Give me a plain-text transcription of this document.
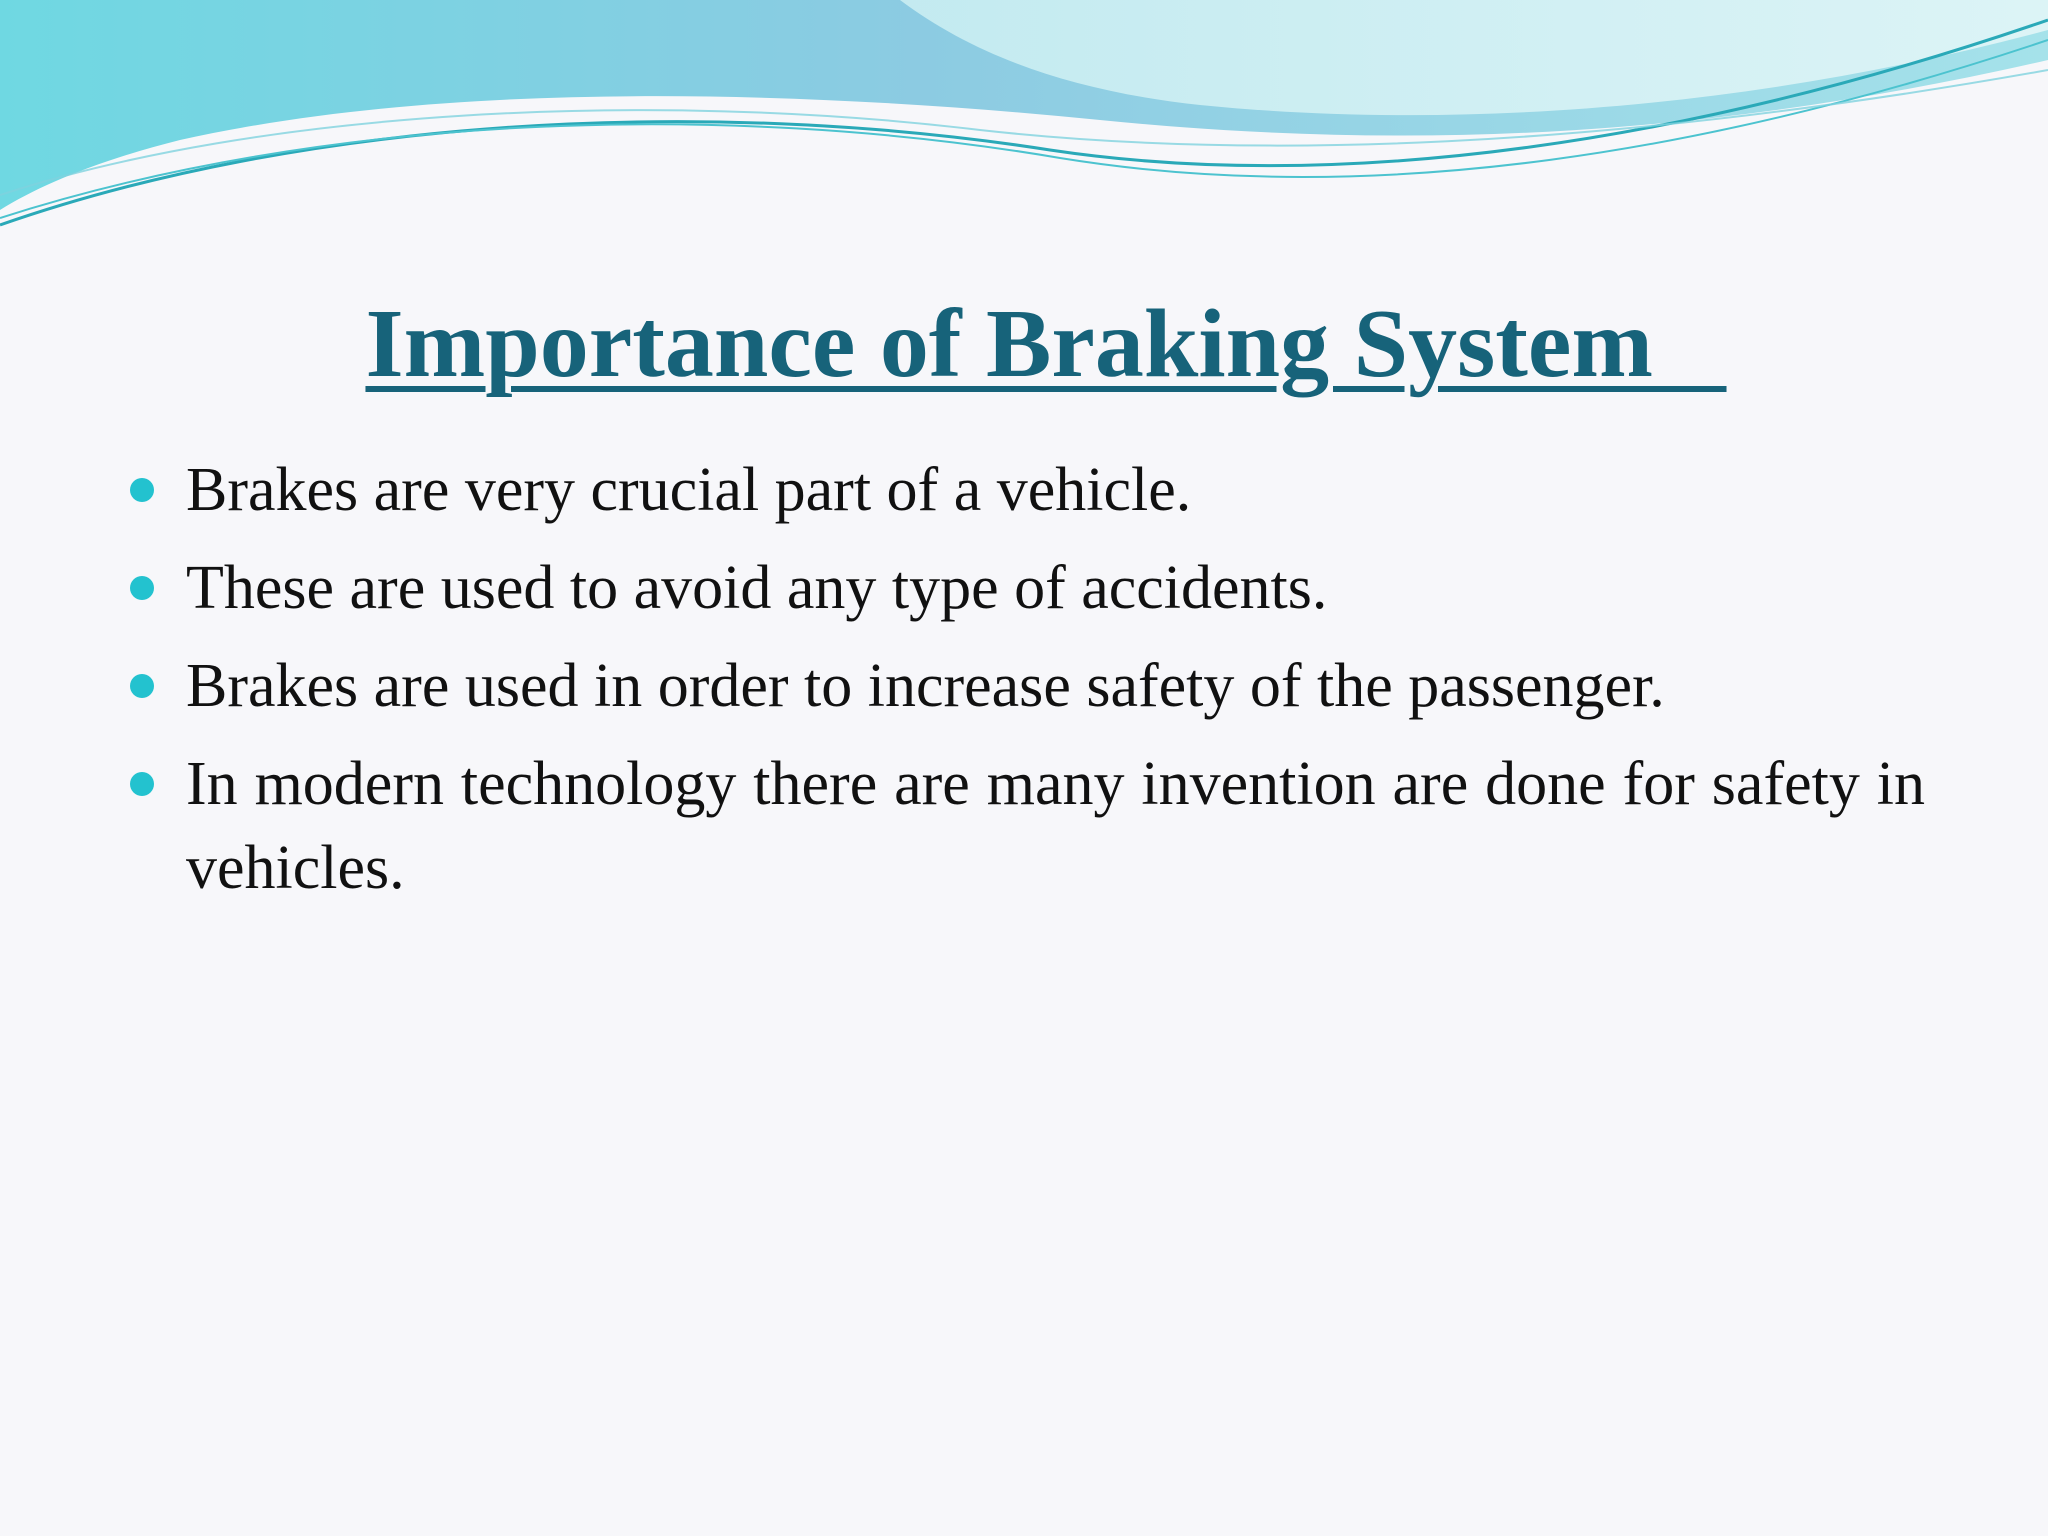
Importance of Braking System
Brakes are very crucial part of a vehicle.
These are used to avoid any type of accidents.
Brakes are used in order to increase safety of the passenger.
In modern technology there are many invention are done for safety in vehicles.
